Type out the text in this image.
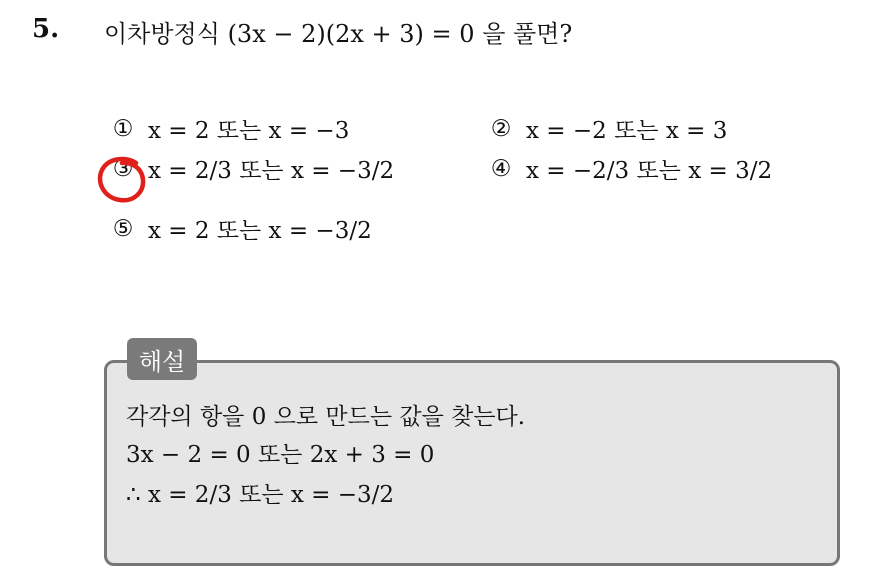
5. 이차방정식 (3x − 2)(2x + 3) = 0 을 풀면?
① x = 2 또는 x = −3	② x = −2 또는 x = 3
③ x = 2/3 또는 x = −3/2	④ x = −2/3 또는 x = 3/2
⑤ x = 2 또는 x = −3/2
해설
각각의 항을 0 으로 만드는 값을 찾는다.
3x − 2 = 0 또는 2x + 3 = 0
∴ x = 2/3 또는 x = −3/2
